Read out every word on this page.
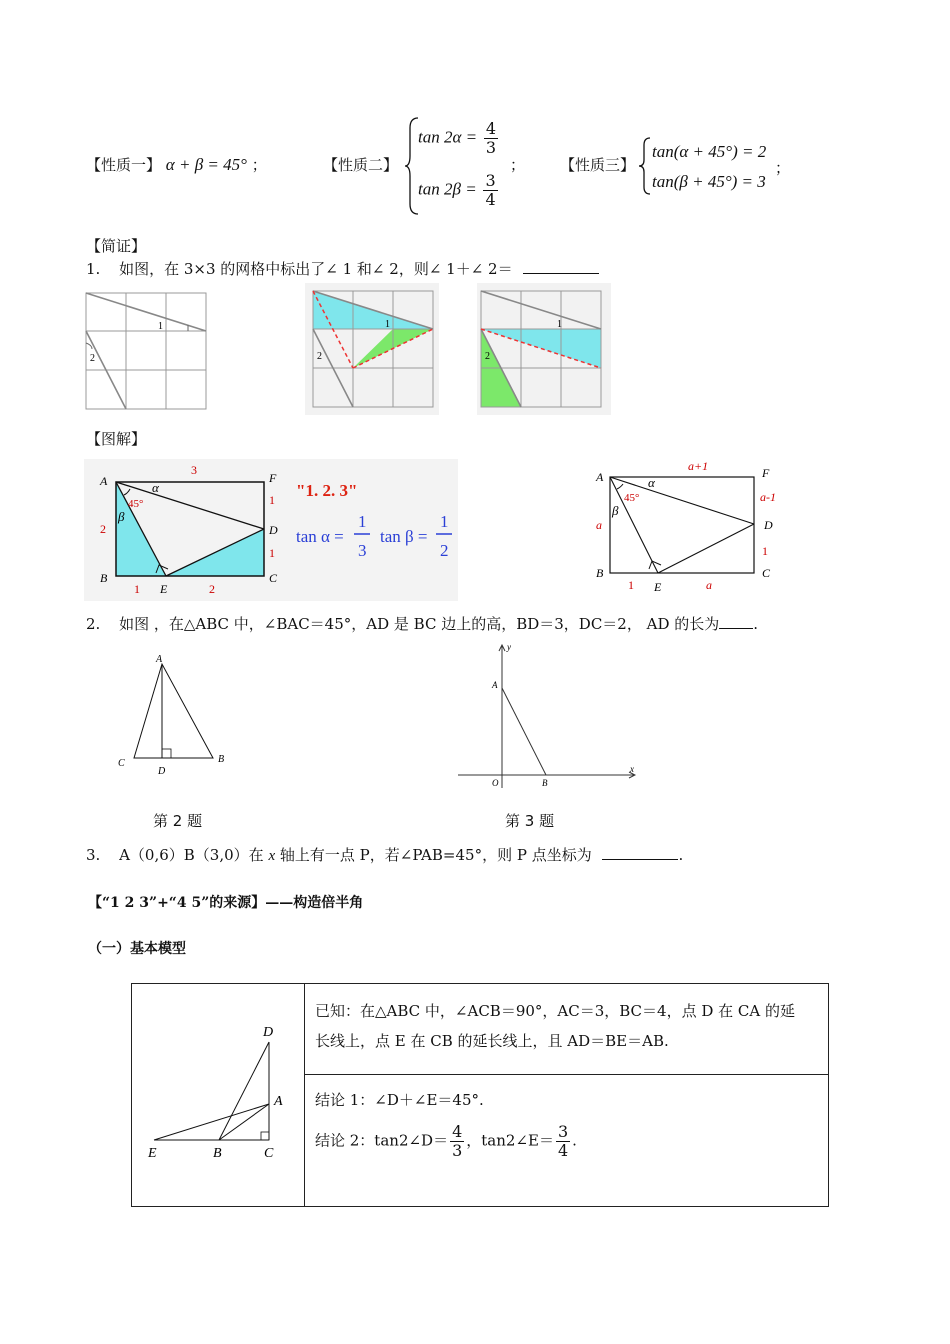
【性质一】 α + β = 45° ；	【性质二】
$\tan 2\alpha = \frac{4}{3}$
$\tan 2\beta = \frac{3}{4}$
； 【性质三】
tan(α + 45°) = 2
tan(β + 45°) = 3
；
【简证】
1. 如图，在 3×3 的网格中标出了∠ 1 和∠ 2，则∠ 1＋∠ 2＝
1
2
1
2
1
2
【图解】
A
B	C
D
E
F
3
1
1
2
1	2
45°
α
β
"1. 2. 3"
tan α =
1
3
tan β =
1
2
A
B	C
D
E
F
a+1
a-1
a
a
1
1
45°
α
β
2. 如图 ，在△ABC 中，∠BAC＝45°，AD 是 BC 边上的高，BD＝3，DC＝2， AD 的长为 .
A
B
C
D
第 2 题
A
B
O
x
y
第 3 题
3. A（0,6）B（3,0）在 x 轴上有一点 P，若∠PAB=45°，则 P 点坐标为	.
【“1 2 3”+“4 5”的来源】——构造倍半角
（一）基本模型
D
A
E	B	C

已知：在△ABC 中，∠ACB＝90°，AC＝3，BC＝4，点 D 在 CA 的延
长线上，点 E 在 CB 的延长线上，且 AD＝BE＝AB.

结论 1：∠D＋∠E＝45°.
结论 2：tan2∠D＝ $\frac{4}{3}$ ，tan2∠E＝ $\frac{3}{4}$ .
